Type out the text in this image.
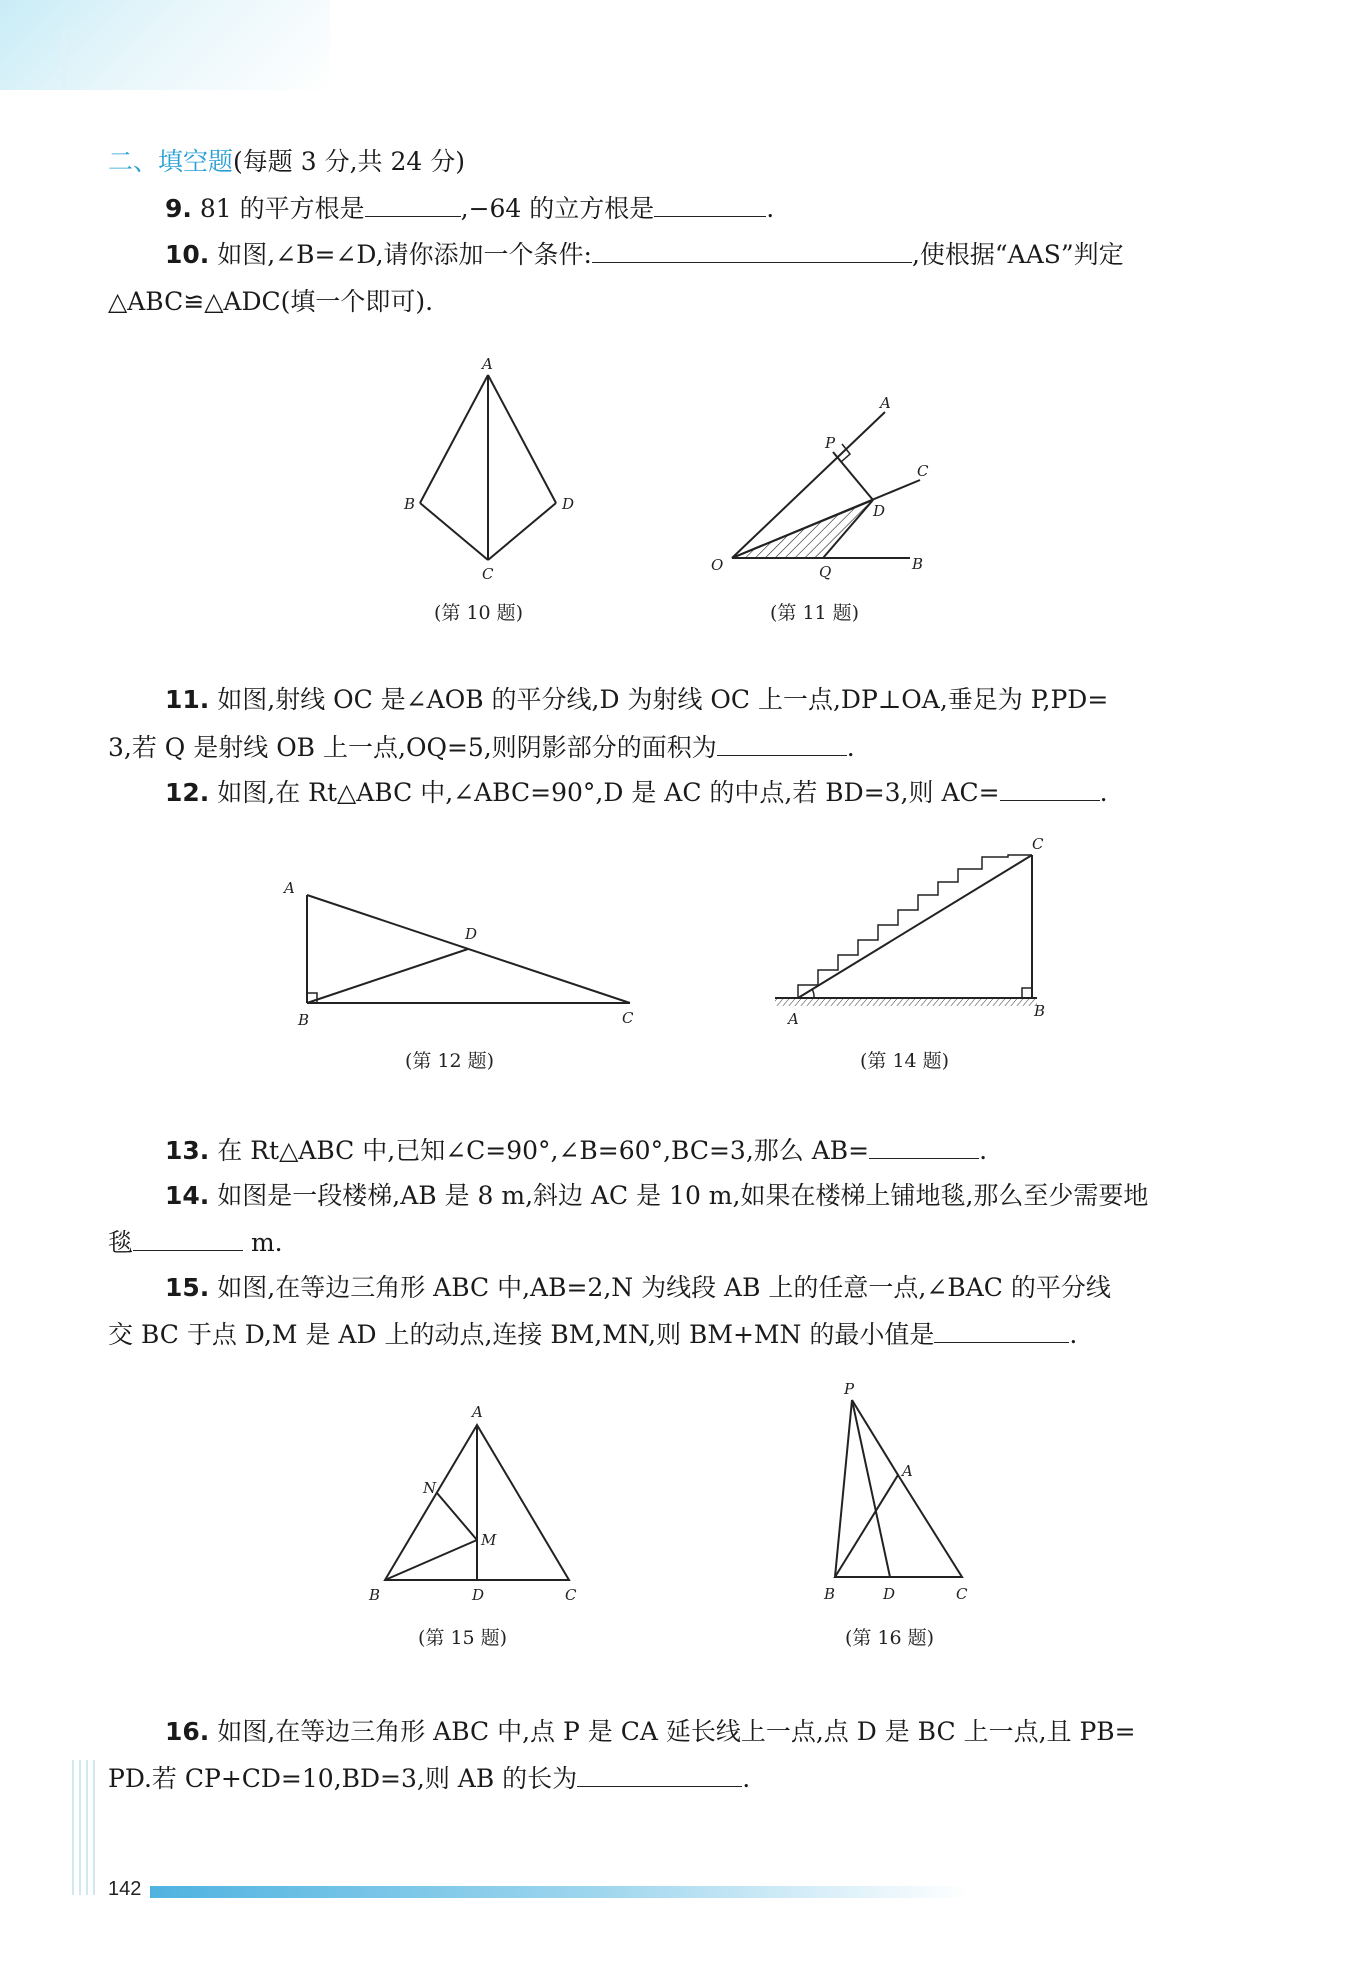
二、填空题(每题 3 分,共 24 分)
9. 81 的平方根是	,−64 的立方根是	.
10. 如图,∠B=∠D,请你添加一个条件:	,使根据“AAS”判定
△ABC≌△ADC(填一个即可).
A
B	D
C
(第 10 题)
A
P
C
D
O	Q	B
(第 11 题)
11. 如图,射线 OC 是∠AOB 的平分线,D 为射线 OC 上一点,DP⊥OA,垂足为 P,PD=
3,若 Q 是射线 OB 上一点,OQ=5,则阴影部分的面积为	.
12. 如图,在 Rt△ABC 中,∠ABC=90°,D 是 AC 的中点,若 BD=3,则 AC=	.
A
D
B	C
(第 12 题)
C
A	B
(第 14 题)
13. 在 Rt△ABC 中,已知∠C=90°,∠B=60°,BC=3,那么 AB=	.
14. 如图是一段楼梯,AB 是 8 m,斜边 AC 是 10 m,如果在楼梯上铺地毯,那么至少需要地
毯	m.
15. 如图,在等边三角形 ABC 中,AB=2,N 为线段 AB 上的任意一点,∠BAC 的平分线
交 BC 于点 D,M 是 AD 上的动点,连接 BM,MN,则 BM+MN 的最小值是	.
A
N
M
B	D	C
(第 15 题)
P
A
B	D	C
(第 16 题)
16. 如图,在等边三角形 ABC 中,点 P 是 CA 延长线上一点,点 D 是 BC 上一点,且 PB=
PD.若 CP+CD=10,BD=3,则 AB 的长为	.
142
